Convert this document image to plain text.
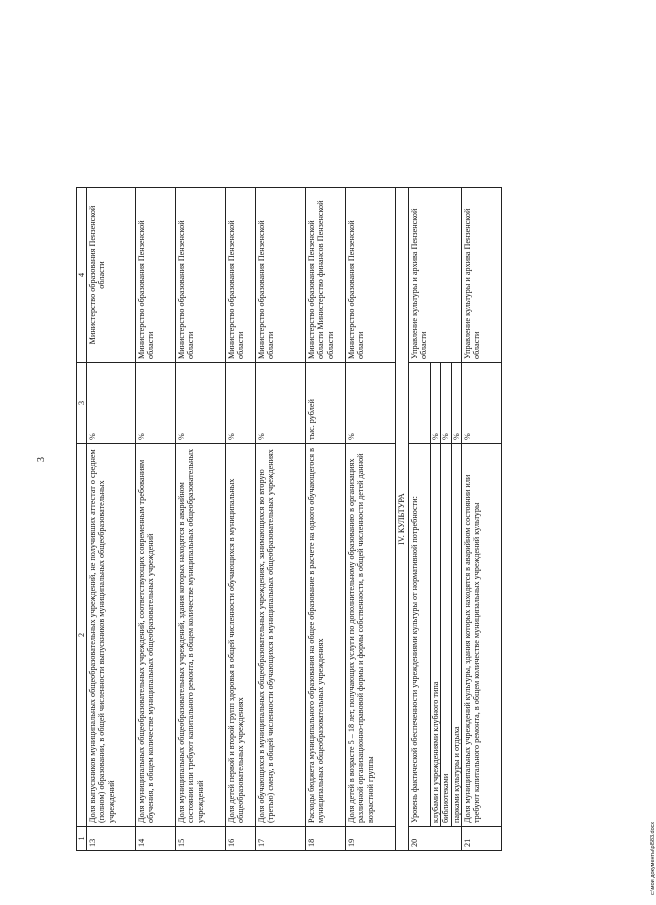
3
1	2	3	4
13	Доля выпускников муниципальных общеобразовательных учреждений, не получивших аттестат о среднем (полном) образовании, в общей численности выпускников муниципальных общеобразовательных учреждений	%	Министерство образования Пензенской области
14	Доля муниципальных общеобразовательных учреждений, соответствующих современным требованиям обучения, в общем количестве муниципальных общеобразовательных учреждений	%	Министерство образования Пензенской области
15	Доля муниципальных общеобразовательных учреждений, здания которых находятся в аварийном состоянии или требуют капитального ремонта, в общем количестве муниципальных общеобразовательных учреждений	%	Министерство образования Пензенской области
16	Доля детей первой и второй групп здоровья в общей численности обучающихся в муниципальных общеобразовательных учреждениях	%	Министерство образования Пензенской области
17	Доля обучающихся в муниципальных общеобразовательных учреждениях, занимающихся во вторую (третью) смену, в общей численности обучающихся в муниципальных общеобразовательных учреждениях	%	Министерство образования Пензенской области
18	Расходы бюджета муниципального образования на общее образование в расчете на одного обучающегося в муниципальных общеобразовательных учреждениях	тыс. рублей	Министерство образования Пензенской области Министерство финансов Пензенской области
19	Доля детей в возрасте 5 – 18 лет, получающих услуги по дополнительному образованию в организациях различной организационно-правовой формы и формы собственности, в общей численности детей данной возрастной группы	%	Министерство образования Пензенской области
IV. КУЛЬТУРА			
20	Уровень фактической обеспеченности учреждениями культуры от нормативной потребности:		Управление культуры и архива Пензенской области
	клубами и учреждениями клубного типа	%	
	библиотеками	%	
	парками культуры и отдыха	%	
21	Доля муниципальных учреждений культуры, здания которых находятся в аварийном состоянии или требуют капитального ремонта, в общем количестве муниципальных учреждений культуры	%	Управление культуры и архива Пензенской области
c:\мои документы\pl583.docx
